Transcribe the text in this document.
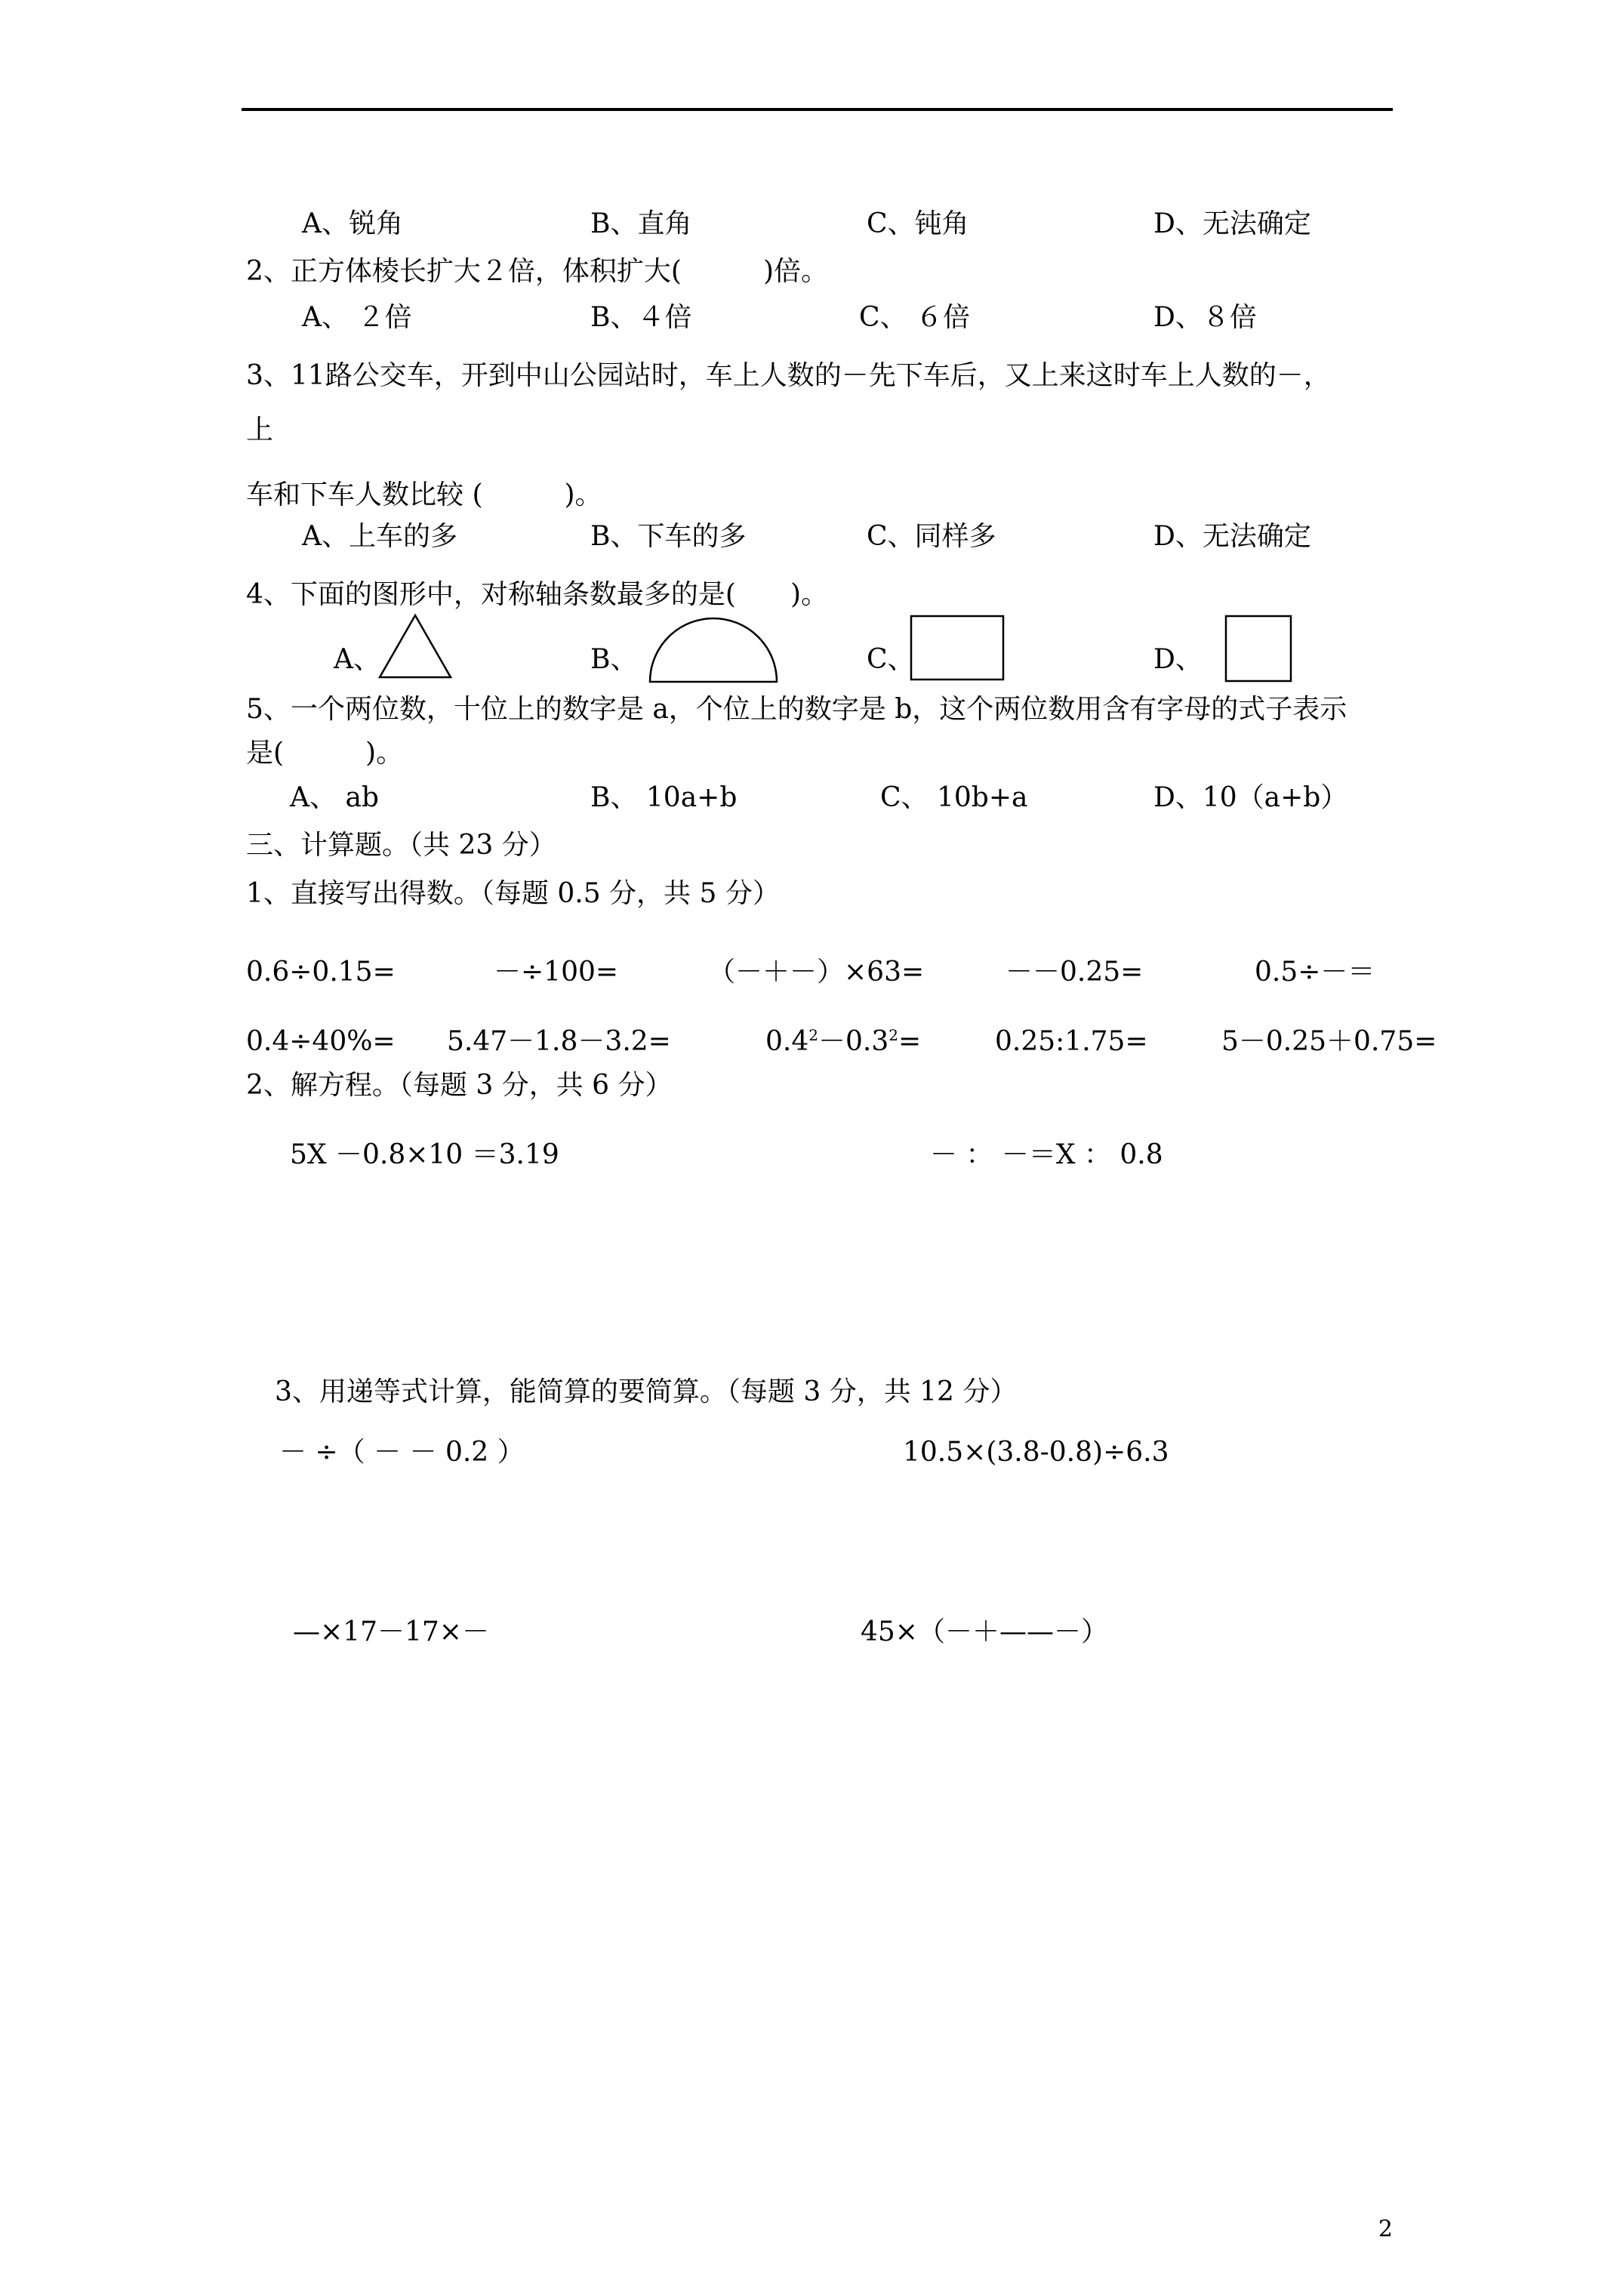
A、锐角	B、直角	C、钝角	D、无法确定
2、正方体棱长扩大２倍，体积扩大(　　　)倍。
A、 ２倍	B、４倍	C、 ６倍	D、８倍
3、11路公交车，开到中山公园站时，车上人数的－先下车后，又上来这时车上人数的－，
上
车和下车人数比较 (　　　)。
A、上车的多	B、下车的多	C、同样多	D、无法确定
4、下面的图形中，对称轴条数最多的是(　　)。
A、	B、	C、	D、
5、一个两位数，十位上的数字是 a，个位上的数字是 b，这个两位数用含有字母的式子表示
是(　　　)。
A、 ab	B、 10a+b	C、 10b+a	D、10（a+b）
三、计算题。（共 23 分）
1、直接写出得数。（每题 0.5 分，共 5 分）
0.6÷0.15=	－÷100=	（－＋－）×63=	－－0.25=	0.5÷－＝
0.4÷40%= 5.47－1.8－3.2=	$0.4^2-0.3^2=$	0.25:1.75=	5－0.25＋0.75=
2、解方程。（每题 3 分，共 6 分）
5X －0.8×10 ＝3.19	－ ： －＝X ： 0.8
3、用递等式计算，能简算的要简算。（每题 3 分，共 12 分）
－ ÷（ － － 0.2 ）	10.5×(3.8-0.8)÷6.3
—×17－17×－	45×（－＋——－）
2
